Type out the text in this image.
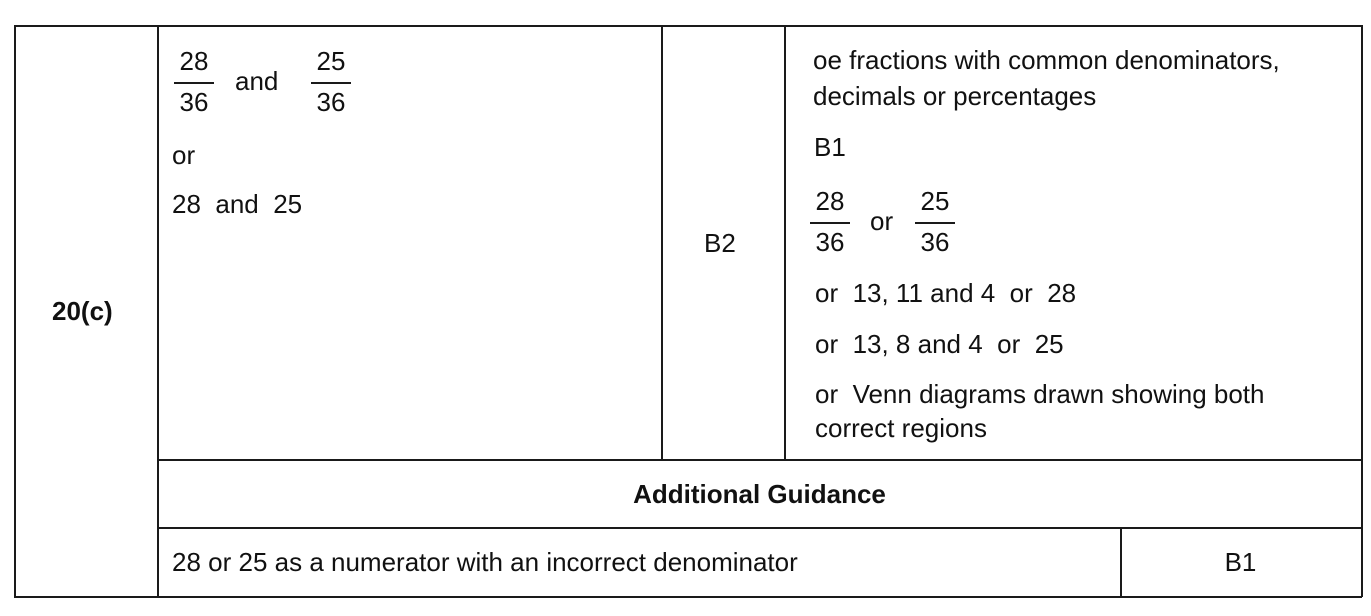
20(c)
28
36
and
25
36
or
28  and  25
B2
oe fractions with common denominators,
decimals or percentages
B1
28
36
or
25
36
or  13, 11 and 4  or  28
or  13, 8 and 4  or  25
or  Venn diagrams drawn showing both
correct regions
Additional Guidance
28 or 25 as a numerator with an incorrect denominator	B1
